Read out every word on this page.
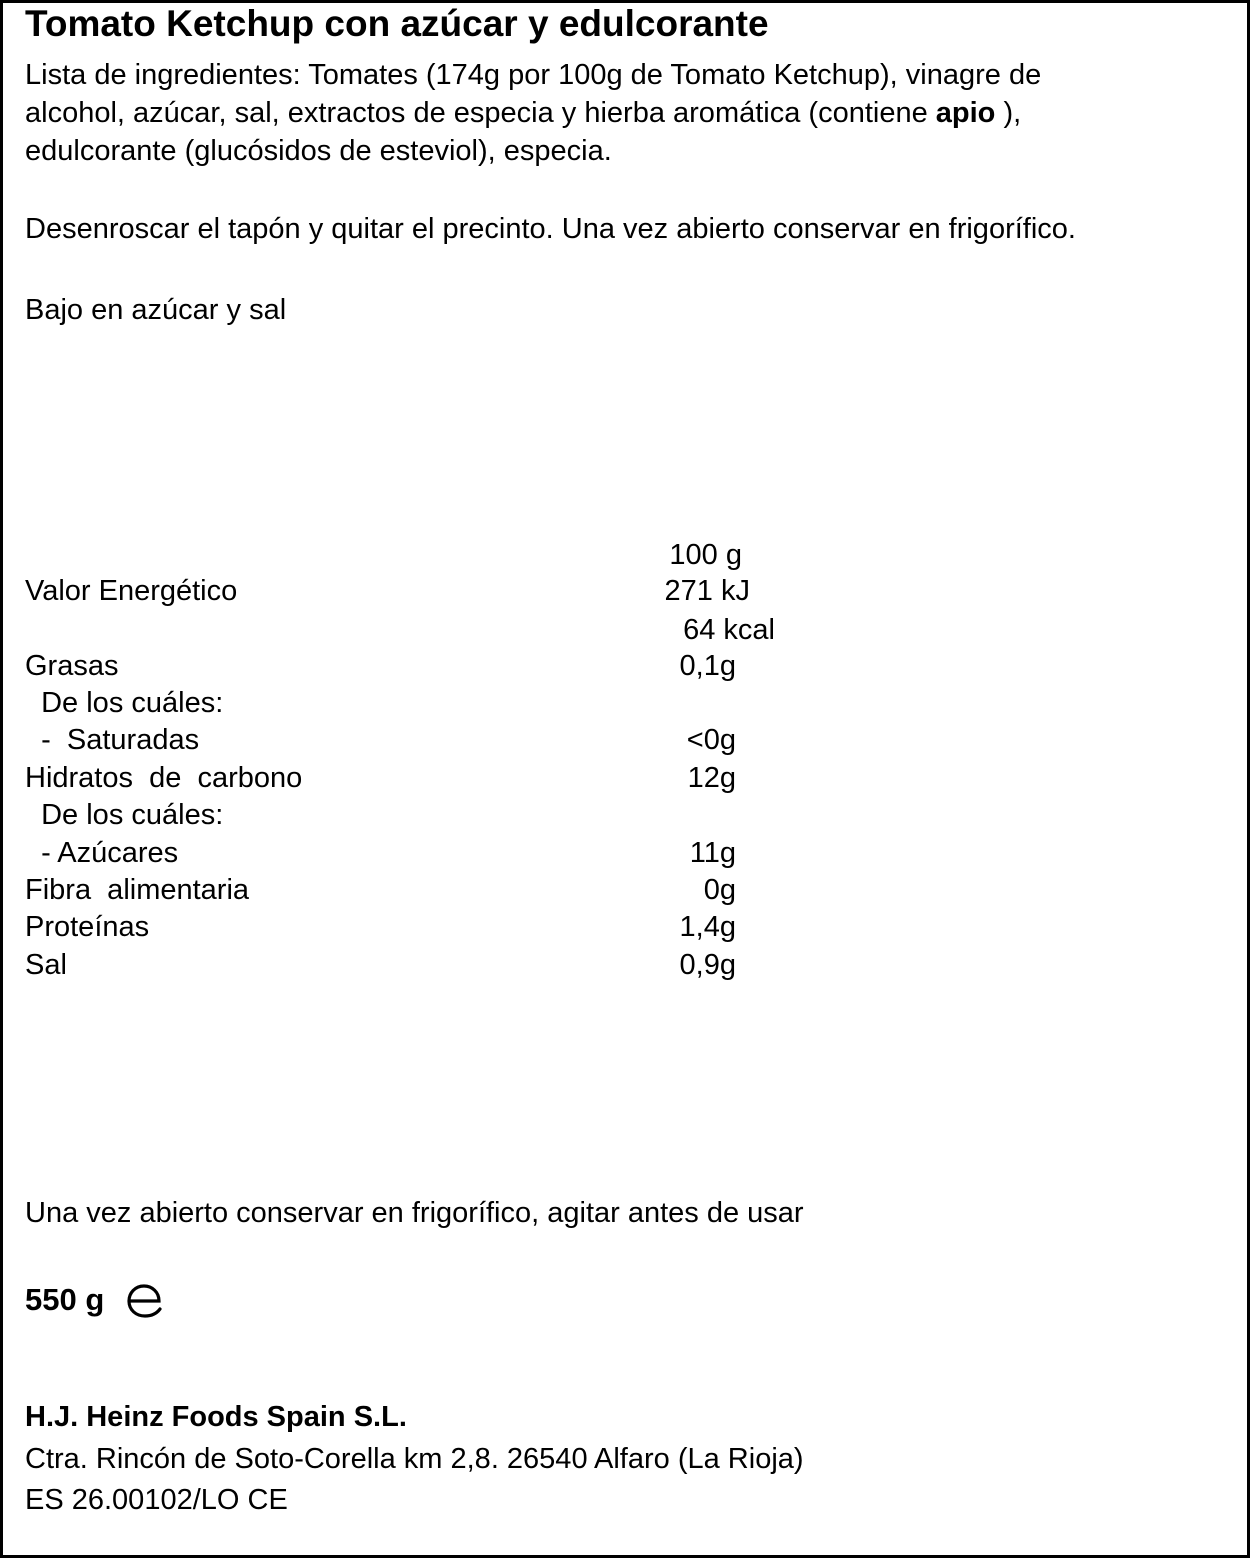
Tomato Ketchup con azúcar y edulcorante

Lista de ingredientes: Tomates (174g por 100g de Tomato Ketchup), vinagre de
alcohol, azúcar, sal, extractos de especia y hierba aromática (contiene apio ),
edulcorante (glucósidos de esteviol), especia.

Desenroscar el tapón y quitar el precinto. Una vez abierto conservar en frigorífico.

Bajo en azúcar y sal

100 g
Valor Energético	271 kJ
64 kcal
Grasas	0,1g
De los cuáles:
-  Saturadas	<0g
Hidratos  de  carbono	12g
De los cuáles:
- Azúcares	11g
Fibra  alimentaria	0g
Proteínas	1,4g
Sal	0,9g

Una vez abierto conservar en frigorífico, agitar antes de usar

550 g

H.J. Heinz Foods Spain S.L.

Ctra. Rincón de Soto-Corella km 2,8. 26540 Alfaro (La Rioja)

ES 26.00102/LO CE
